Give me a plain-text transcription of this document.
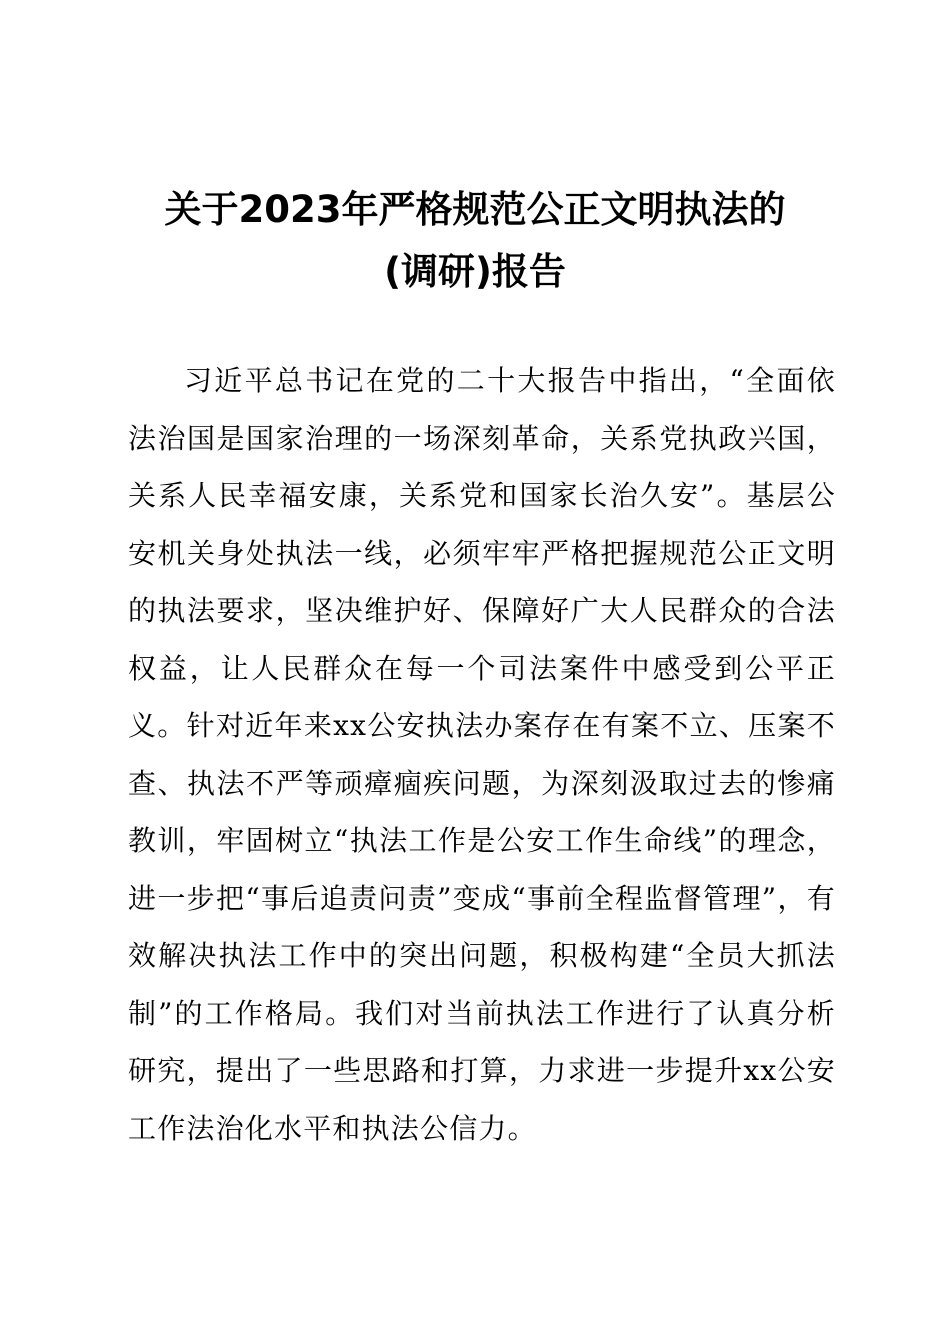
关于2023年严格规范公正文明执法的
(调研)报告

习近平总书记在党的二十大报告中指出，“全面依法治国是国家治理的一场深刻革命，关系党执政兴国，关系人民幸福安康，关系党和国家长治久安”。基层公安机关身处执法一线，必须牢牢严格把握规范公正文明的执法要求，坚决维护好、保障好广大人民群众的合法权益，让人民群众在每一个司法案件中感受到公平正义。针对近年来xx公安执法办案存在有案不立、压案不查、执法不严等顽瘴痼疾问题，为深刻汲取过去的惨痛教训，牢固树立“执法工作是公安工作生命线”的理念，进一步把“事后追责问责”变成“事前全程监督管理”，有效解决执法工作中的突出问题，积极构建“全员大抓法制”的工作格局。我们对当前执法工作进行了认真分析研究，提出了一些思路和打算，力求进一步提升xx公安工作法治化水平和执法公信力。
